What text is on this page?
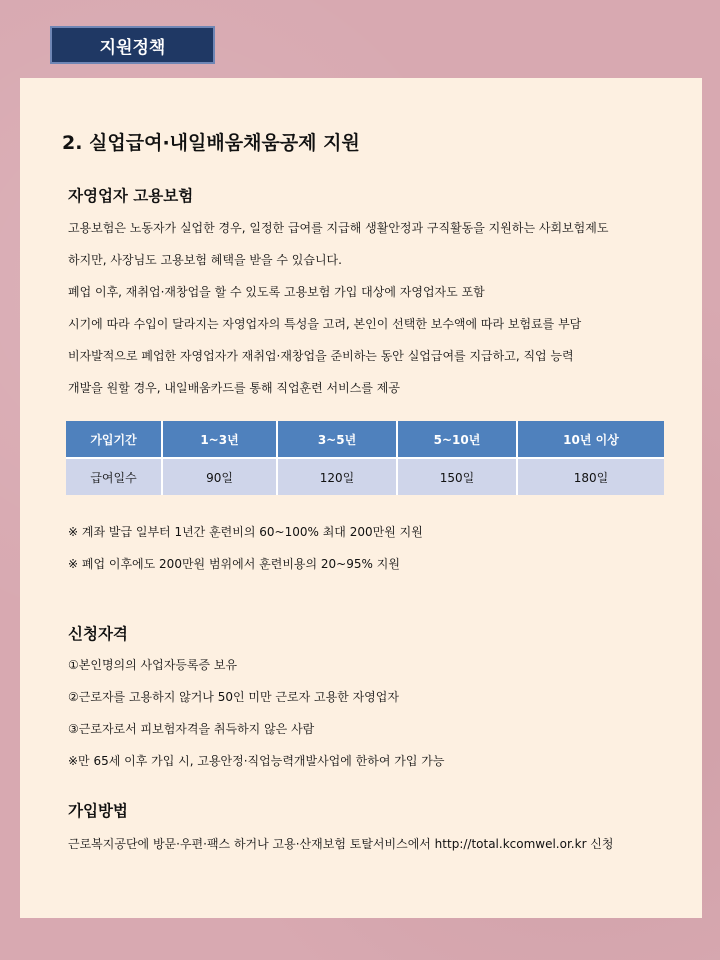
지원정책
2. 실업급여·내일배움채움공제 지원
자영업자 고용보험
고용보험은 노동자가 실업한 경우, 일정한 급여를 지급해 생활안정과 구직활동을 지원하는 사회보험제도
하지만, 사장님도 고용보험 혜택을 받을 수 있습니다.
폐업 이후, 재취업·재창업을 할 수 있도록 고용보험 가입 대상에 자영업자도 포함
시기에 따라 수입이 달라지는 자영업자의 특성을 고려, 본인이 선택한 보수액에 따라 보험료를 부담
비자발적으로 폐업한 자영업자가 재취업·재창업을 준비하는 동안 실업급여를 지급하고, 직업 능력
개발을 원할 경우, 내일배움카드를 통해 직업훈련 서비스를 제공
가입기간	1~3년	3~5년	5~10년	10년 이상
급여일수	90일	120일	150일	180일
※ 계좌 발급 일부터 1년간 훈련비의 60~100% 최대 200만원 지원
※ 폐업 이후에도 200만원 범위에서 훈련비용의 20~95% 지원
신청자격
①본인명의의 사업자등록증 보유
②근로자를 고용하지 않거나 50인 미만 근로자 고용한 자영업자
③근로자로서 피보험자격을 취득하지 않은 사람
※만 65세 이후 가입 시, 고용안정·직업능력개발사업에 한하여 가입 가능
가입방법
근로복지공단에 방문·우편·팩스 하거나 고용·산재보험 토탈서비스에서 http://total.kcomwel.or.kr 신청
